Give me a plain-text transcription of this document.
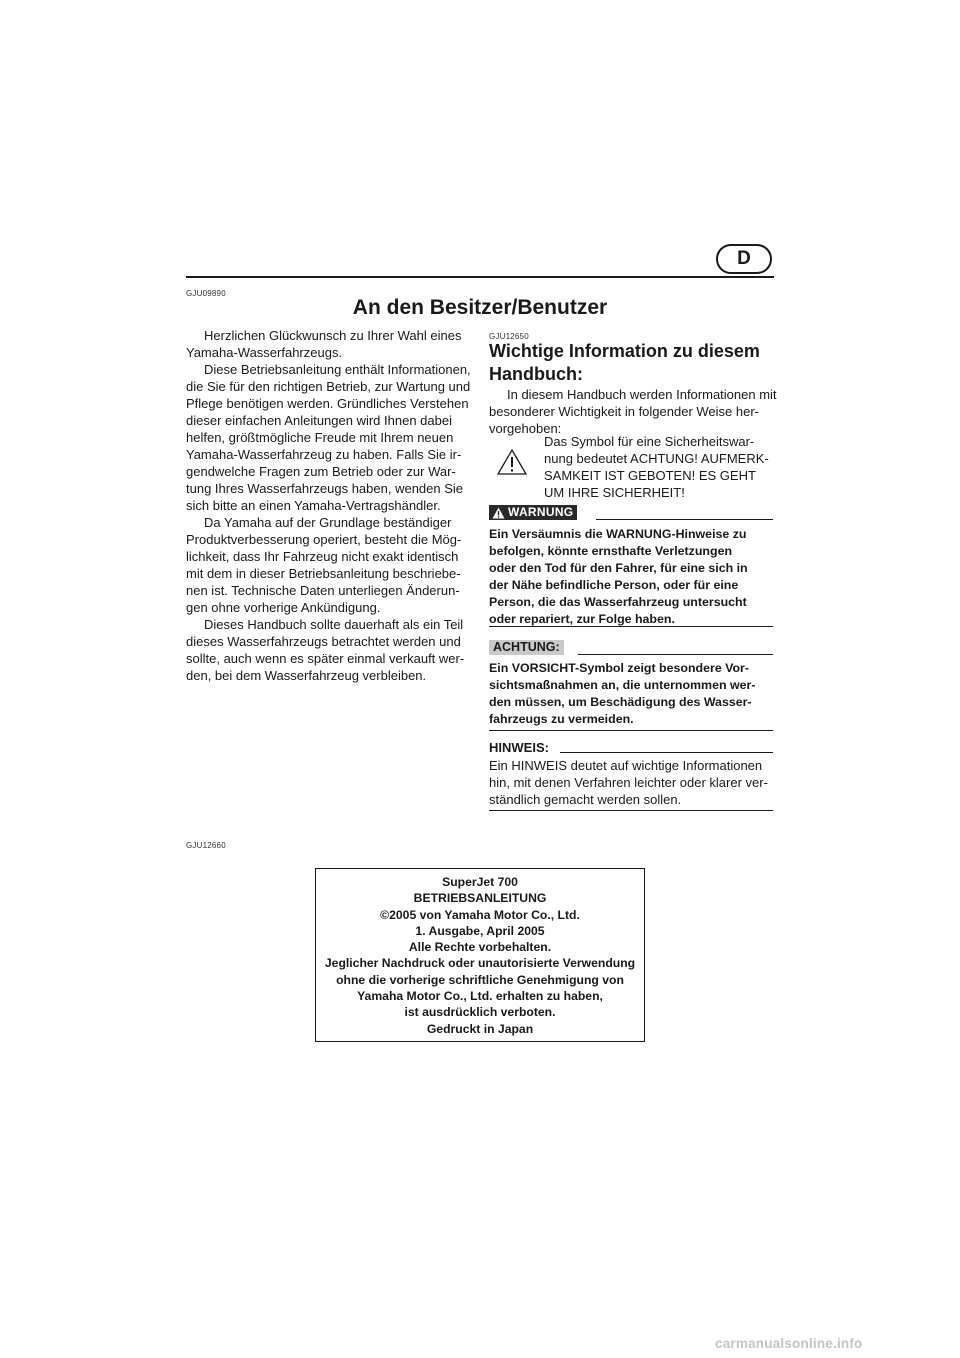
D
GJU09890
An den Besitzer/Benutzer

Herzlichen Glückwunsch zu Ihrer Wahl eines

Yamaha-Wasserfahrzeugs.

Diese Betriebsanleitung enthält Informationen,

die Sie für den richtigen Betrieb, zur Wartung und

Pflege benötigen werden. Gründliches Verstehen

dieser einfachen Anleitungen wird Ihnen dabei

helfen, größtmögliche Freude mit Ihrem neuen

Yamaha-Wasserfahrzeug zu haben. Falls Sie ir-

gendwelche Fragen zum Betrieb oder zur War-

tung Ihres Wasserfahrzeugs haben, wenden Sie

sich bitte an einen Yamaha-Vertragshändler.

Da Yamaha auf der Grundlage beständiger

Produktverbesserung operiert, besteht die Mög-

lichkeit, dass Ihr Fahrzeug nicht exakt identisch

mit dem in dieser Betriebsanleitung beschriebe-

nen ist. Technische Daten unterliegen Änderun-

gen ohne vorherige Ankündigung.

Dieses Handbuch sollte dauerhaft als ein Teil

dieses Wasserfahrzeugs betrachtet werden und

sollte, auch wenn es später einmal verkauft wer-

den, bei dem Wasserfahrzeug verbleiben.

GJU12650
Wichtige Information zu diesem
Handbuch:
In diesem Handbuch werden Informationen mit
besonderer Wichtigkeit in folgender Weise her-
vorgehoben:
Das Symbol für eine Sicherheitswar-
nung bedeutet ACHTUNG! AUFMERK-
SAMKEIT IST GEBOTEN! ES GEHT
UM IHRE SICHERHEIT!
WARNUNG
Ein Versäumnis die WARNUNG-Hinweise zu
befolgen, könnte ernsthafte Verletzungen
oder den Tod für den Fahrer, für eine sich in
der Nähe befindliche Person, oder für eine
Person, die das Wasserfahrzeug untersucht
oder repariert, zur Folge haben.
ACHTUNG:
Ein VORSICHT-Symbol zeigt besondere Vor-
sichtsmaßnahmen an, die unternommen wer-
den müssen, um Beschädigung des Wasser-
fahrzeugs zu vermeiden.
HINWEIS:
Ein HINWEIS deutet auf wichtige Informationen
hin, mit denen Verfahren leichter oder klarer ver-
ständlich gemacht werden sollen.
GJU12660
SuperJet 700
BETRIEBSANLEITUNG
©2005 von Yamaha Motor Co., Ltd.
1. Ausgabe, April 2005
Alle Rechte vorbehalten.
Jeglicher Nachdruck oder unautorisierte Verwendung
ohne die vorherige schriftliche Genehmigung von
Yamaha Motor Co., Ltd. erhalten zu haben,
ist ausdrücklich verboten.
Gedruckt in Japan
carmanualsonline.info
